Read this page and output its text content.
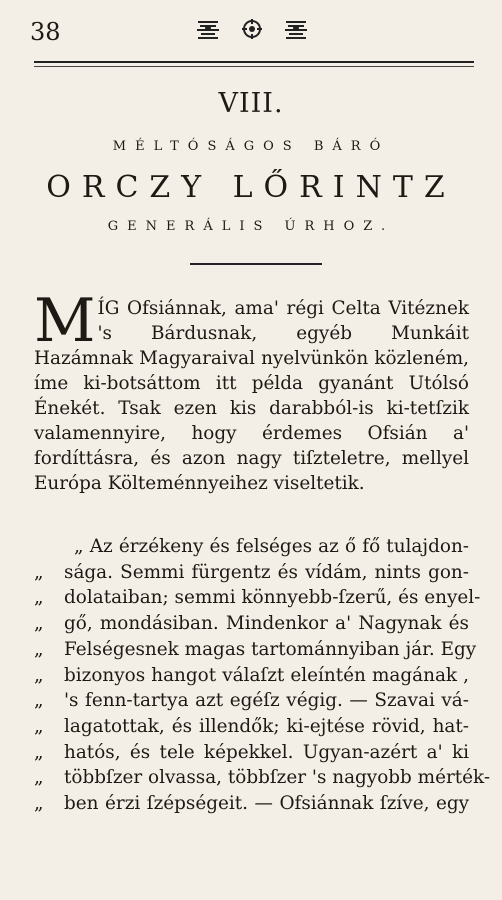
38
VIII.
MÉLTÓSÁGOS BÁRÓ
ORCZY LŐRINTZ
GENERÁLIS ÚRHOZ.
M ÍG Ofsiánnak, ama' régi Celta Vitéznek 's Bárdusnak, egyéb Munkáit Hazámnak Magyaraival nyelvünkön közleném, íme ki-botsáttom itt példa gyanánt Utólsó Énekét. Tsak ezen kis darabból-is ki-tetſzik valamennyire, hogy érdemes Ofsián a' fordíttásra, és azon nagy tiſzteletre, mellyel Európa Költeménnyeihez viseltetik.
„ Az érzékeny és felséges az ő fő tulajdon-
„	sága. Semmi fürgentz és vídám, nints gon-
„	dolataiban; semmi könnyebb-ſzerű, és enyel-
„	gő, mondásiban. Mindenkor a' Nagynak és
„	Felségesnek magas tartománnyiban jár. Egy
„	bizonyos hangot válaſzt eleíntén magának ,
„	's fenn-tartya azt egéſz végig. — Szavai vá-
„	lagatottak, és illendők; ki-ejtése rövid, hat-
„	hatós, és tele képekkel. Ugyan-azért a' ki
„	többſzer olvassa, többſzer 's nagyobb mérték-
„	ben érzi ſzépségeit. — Ofsiánnak ſzíve, egy
